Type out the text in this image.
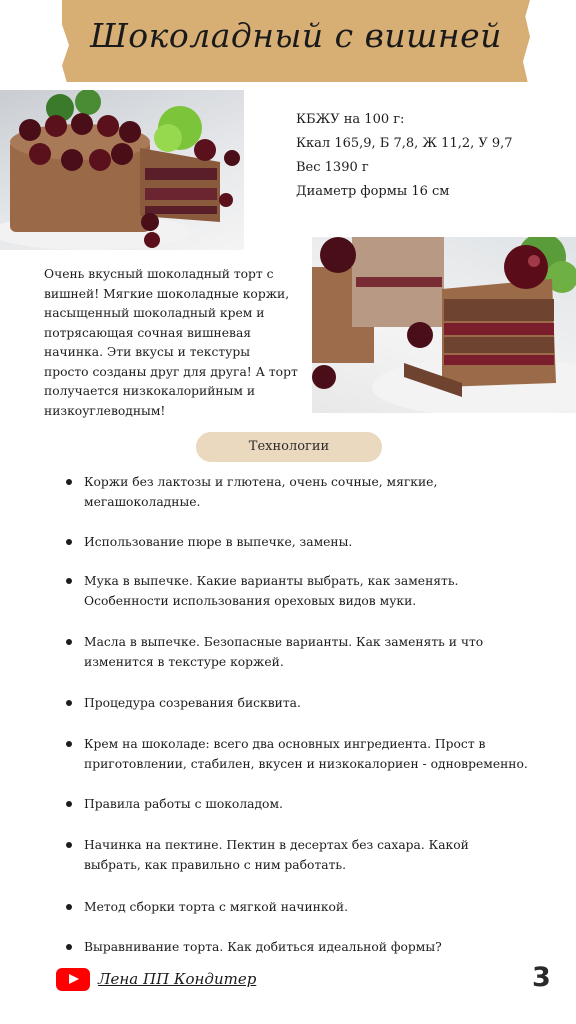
Шоколадный с вишней
КБЖУ на 100 г:
Ккал 165,9, Б 7,8, Ж 11,2, У 9,7
Вес 1390 г
Диаметр формы 16 см
Очень вкусный шоколадный торт с
вишней! Мягкие шоколадные коржи,
насыщенный шоколадный крем и
потрясающая сочная вишневая
начинка. Эти вкусы и текстуры
просто созданы друг для друга! А торт
получается низкокалорийным и
низкоуглеводным!
Технологии
Коржи без лактозы и глютена, очень сочные, мягкие,
мегашоколадные.
Использование пюре в выпечке, замены.
Мука в выпечке. Какие варианты выбрать, как заменять.
Особенности использования ореховых видов муки.
Масла в выпечке. Безопасные варианты. Как заменять и что
изменится в текстуре коржей.
Процедура созревания бисквита.
Крем на шоколаде: всего два основных ингредиента. Прост в
приготовлении, стабилен, вкусен и низкокалориен - одновременно.
Правила работы с шоколадом.
Начинка на пектине. Пектин в десертах без сахара. Какой
выбрать, как правильно с ним работать.
Метод сборки торта с мягкой начинкой.
Выравнивание торта. Как добиться идеальной формы?
Лена ПП Кондитер	3
